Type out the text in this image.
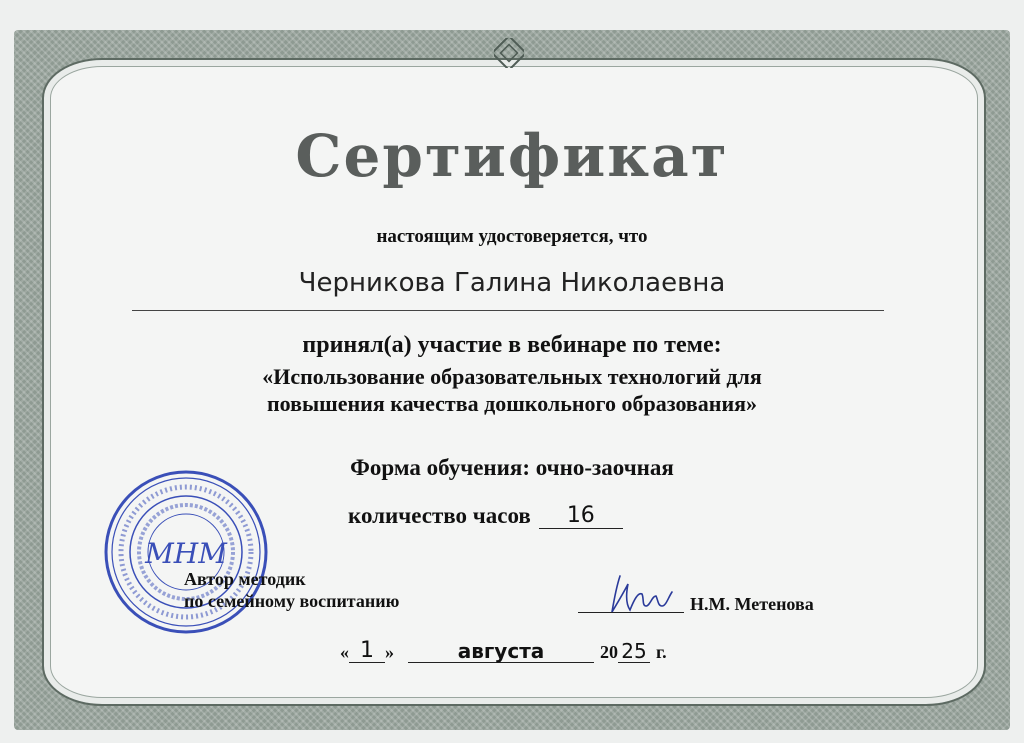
Сертификат
настоящим удостоверяется, что
Черникова Галина Николаевна
принял(а) участие в вебинаре по теме:
«Использование образовательных технологий для
повышения качества дошкольного образования»
Форма обучения: очно-заочная
количество часов	16
МНМ
Автор методик
по семейному воспитанию	Н.М. Метенова
« 1 »	августа	20 25 г.
